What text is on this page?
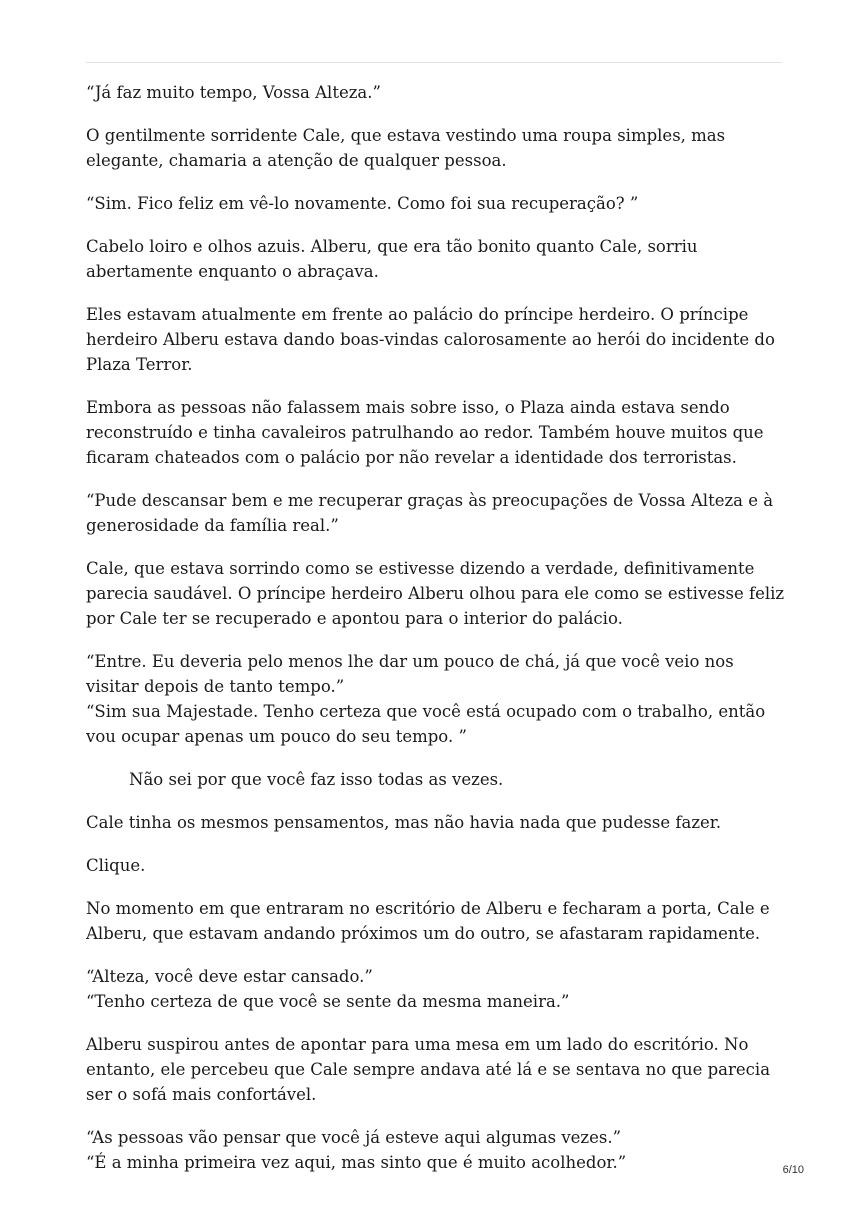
“Já faz muito tempo, Vossa Alteza.”

O gentilmente sorridente Cale, que estava vestindo uma roupa simples, mas elegante, chamaria a atenção de qualquer pessoa.

“Sim. Fico feliz em vê-lo novamente. Como foi sua recuperação? ”

Cabelo loiro e olhos azuis. Alberu, que era tão bonito quanto Cale, sorriu abertamente enquanto o abraçava.

Eles estavam atualmente em frente ao palácio do príncipe herdeiro. O príncipe herdeiro Alberu estava dando boas-vindas calorosamente ao herói do incidente do Plaza Terror.

Embora as pessoas não falassem mais sobre isso, o Plaza ainda estava sendo reconstruído e tinha cavaleiros patrulhando ao redor. Também houve muitos que ficaram chateados com o palácio por não revelar a identidade dos terroristas.

“Pude descansar bem e me recuperar graças às preocupações de Vossa Alteza e à generosidade da família real.”

Cale, que estava sorrindo como se estivesse dizendo a verdade, definitivamente parecia saudável. O príncipe herdeiro Alberu olhou para ele como se estivesse feliz por Cale ter se recuperado e apontou para o interior do palácio.

“Entre. Eu deveria pelo menos lhe dar um pouco de chá, já que você veio nos visitar depois de tanto tempo.”

“Sim sua Majestade. Tenho certeza que você está ocupado com o trabalho, então vou ocupar apenas um pouco do seu tempo. ”

Não sei por que você faz isso todas as vezes.

Cale tinha os mesmos pensamentos, mas não havia nada que pudesse fazer.

Clique.

No momento em que entraram no escritório de Alberu e fecharam a porta, Cale e Alberu, que estavam andando próximos um do outro, se afastaram rapidamente.

“Alteza, você deve estar cansado.”

“Tenho certeza de que você se sente da mesma maneira.”

Alberu suspirou antes de apontar para uma mesa em um lado do escritório. No entanto, ele percebeu que Cale sempre andava até lá e se sentava no que parecia ser o sofá mais confortável.

“As pessoas vão pensar que você já esteve aqui algumas vezes.”

“É a minha primeira vez aqui, mas sinto que é muito acolhedor.”	6/10
